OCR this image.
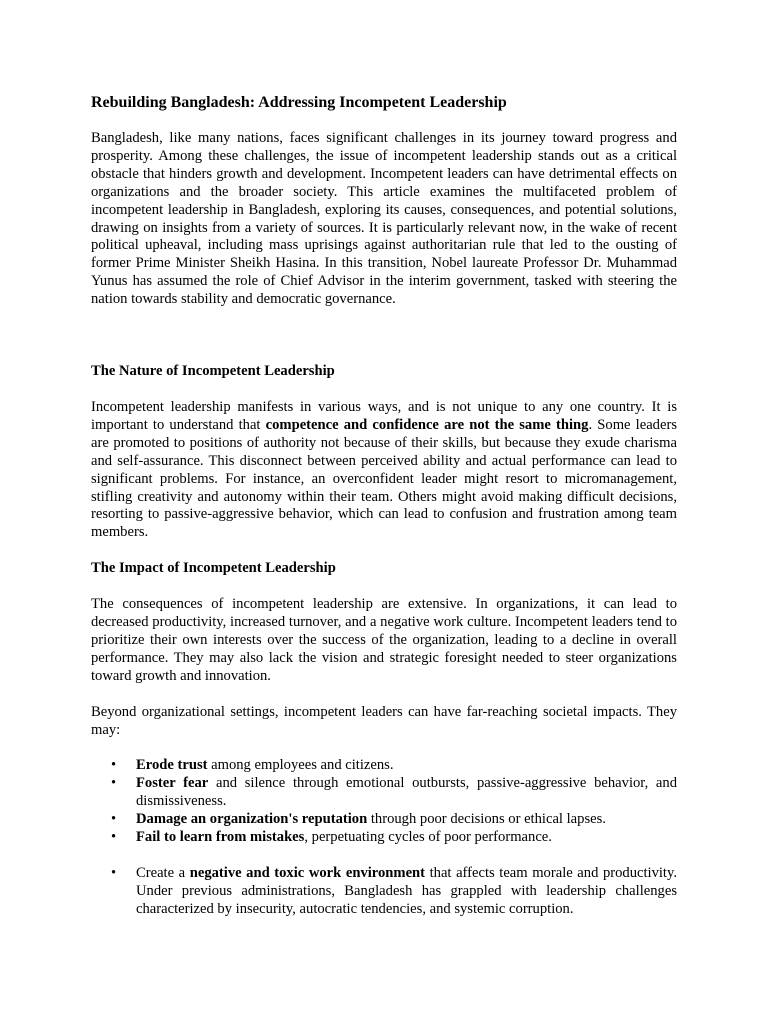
Rebuilding Bangladesh: Addressing Incompetent Leadership

Bangladesh, like many nations, faces significant challenges in its journey toward progress and prosperity. Among these challenges, the issue of incompetent leadership stands out as a critical obstacle that hinders growth and development. Incompetent leaders can have detrimental effects on organizations and the broader society. This article examines the multifaceted problem of incompetent leadership in Bangladesh, exploring its causes, consequences, and potential solutions, drawing on insights from a variety of sources. It is particularly relevant now, in the wake of recent political upheaval, including mass uprisings against authoritarian rule that led to the ousting of former Prime Minister Sheikh Hasina. In this transition, Nobel laureate Professor Dr. Muhammad Yunus has assumed the role of Chief Advisor in the interim government, tasked with steering the nation towards stability and democratic governance.

The Nature of Incompetent Leadership

Incompetent leadership manifests in various ways, and is not unique to any one country. It is important to understand that competence and confidence are not the same thing. Some leaders are promoted to positions of authority not because of their skills, but because they exude charisma and self-assurance. This disconnect between perceived ability and actual performance can lead to significant problems. For instance, an overconfident leader might resort to micromanagement, stifling creativity and autonomy within their team. Others might avoid making difficult decisions, resorting to passive-aggressive behavior, which can lead to confusion and frustration among team members.

The Impact of Incompetent Leadership

The consequences of incompetent leadership are extensive. In organizations, it can lead to decreased productivity, increased turnover, and a negative work culture. Incompetent leaders tend to prioritize their own interests over the success of the organization, leading to a decline in overall performance. They may also lack the vision and strategic foresight needed to steer organizations toward growth and innovation.

Beyond organizational settings, incompetent leaders can have far-reaching societal impacts. They may:

• Erode trust among employees and citizens.
• Foster fear and silence through emotional outbursts, passive-aggressive behavior, and dismissiveness.
• Damage an organization's reputation through poor decisions or ethical lapses.
• Fail to learn from mistakes, perpetuating cycles of poor performance.
• Create a negative and toxic work environment that affects team morale and productivity. Under previous administrations, Bangladesh has grappled with leadership challenges characterized by insecurity, autocratic tendencies, and systemic corruption.
